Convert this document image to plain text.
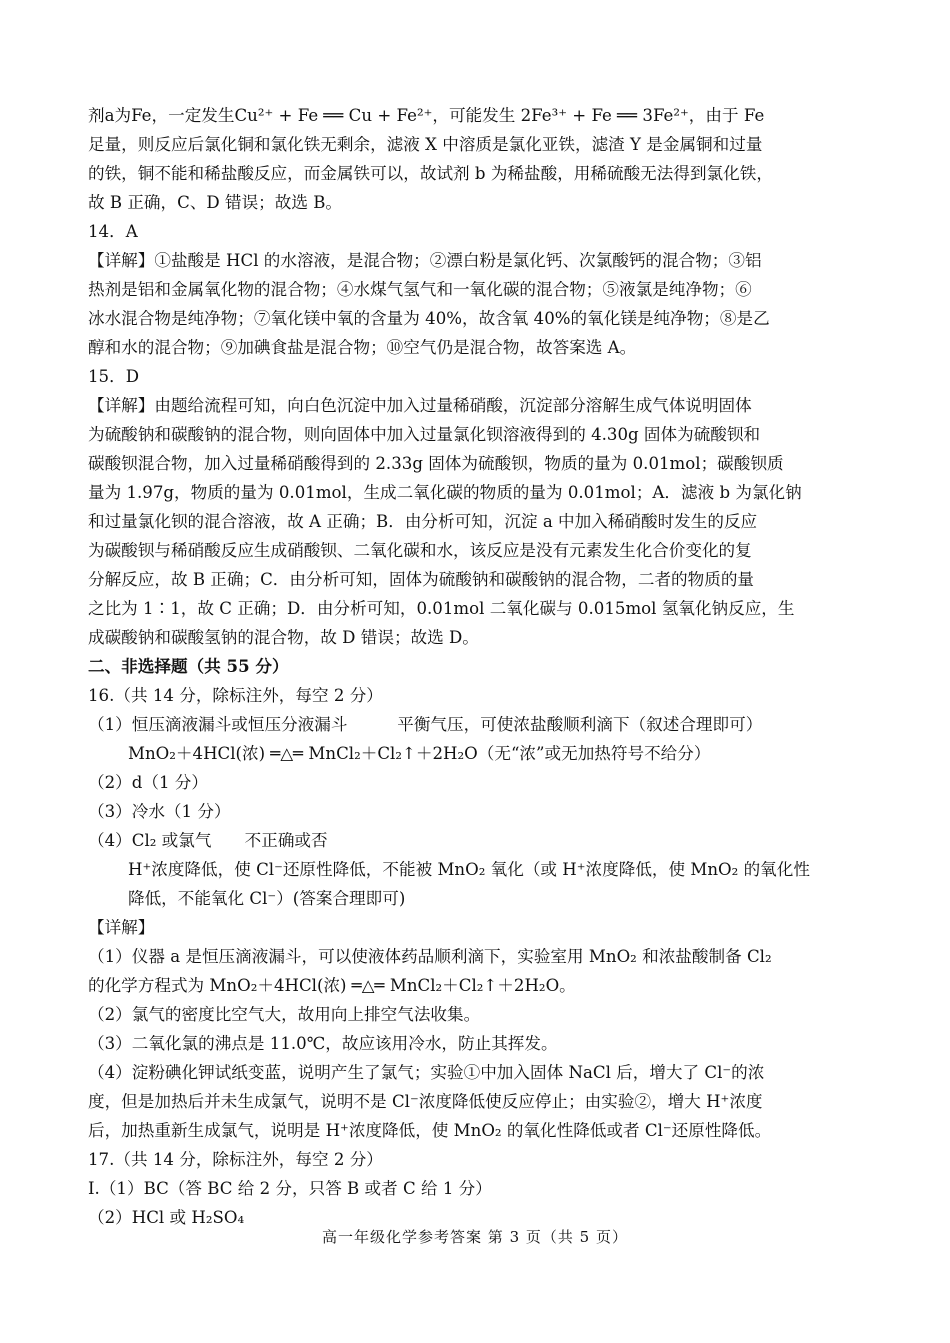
剂a为Fe，一定发生Cu²⁺ + Fe ══ Cu + Fe²⁺，可能发生 2Fe³⁺ + Fe ══ 3Fe²⁺，由于 Fe

足量，则反应后氯化铜和氯化铁无剩余，滤液 X 中溶质是氯化亚铁，滤渣 Y 是金属铜和过量

的铁，铜不能和稀盐酸反应，而金属铁可以，故试剂 b 为稀盐酸，用稀硫酸无法得到氯化铁，

故 B 正确，C、D 错误；故选 B。

14．A

【详解】①盐酸是 HCl 的水溶液，是混合物；②漂白粉是氯化钙、次氯酸钙的混合物；③铝

热剂是铝和金属氧化物的混合物；④水煤气氢气和一氧化碳的混合物；⑤液氯是纯净物；⑥

冰水混合物是纯净物；⑦氧化镁中氧的含量为 40%，故含氧 40%的氧化镁是纯净物；⑧是乙

醇和水的混合物；⑨加碘食盐是混合物；⑩空气仍是混合物，故答案选 A。

15．D

【详解】由题给流程可知，向白色沉淀中加入过量稀硝酸，沉淀部分溶解生成气体说明固体

为硫酸钠和碳酸钠的混合物，则向固体中加入过量氯化钡溶液得到的 4.30g 固体为硫酸钡和

碳酸钡混合物，加入过量稀硝酸得到的 2.33g 固体为硫酸钡，物质的量为 0.01mol；碳酸钡质

量为 1.97g，物质的量为 0.01mol，生成二氧化碳的物质的量为 0.01mol；A．滤液 b 为氯化钠

和过量氯化钡的混合溶液，故 A 正确；B．由分析可知，沉淀 a 中加入稀硝酸时发生的反应

为碳酸钡与稀硝酸反应生成硝酸钡、二氧化碳和水，该反应是没有元素发生化合价变化的复

分解反应，故 B 正确；C．由分析可知，固体为硫酸钠和碳酸钠的混合物，二者的物质的量

之比为 1∶1，故 C 正确；D．由分析可知，0.01mol 二氧化碳与 0.015mol 氢氧化钠反应，生

成碳酸钠和碳酸氢钠的混合物，故 D 错误；故选 D。

二、非选择题（共 55 分）

16.（共 14 分，除标注外，每空 2 分）

（1）恒压滴液漏斗或恒压分液漏斗　　　平衡气压，可使浓盐酸顺利滴下（叙述合理即可）

MnO₂＋4HCl(浓) ═△═ MnCl₂＋Cl₂↑＋2H₂O（无“浓”或无加热符号不给分）

（2）d（1 分）

（3）冷水（1 分）

（4）Cl₂ 或氯气　　不正确或否

H⁺浓度降低，使 Cl⁻还原性降低，不能被 MnO₂ 氧化（或 H⁺浓度降低，使 MnO₂ 的氧化性

降低，不能氧化 Cl⁻）(答案合理即可)

【详解】

（1）仪器 a 是恒压滴液漏斗，可以使液体药品顺利滴下，实验室用 MnO₂ 和浓盐酸制备 Cl₂

的化学方程式为 MnO₂＋4HCl(浓) ═△═ MnCl₂＋Cl₂↑＋2H₂O。

（2）氯气的密度比空气大，故用向上排空气法收集。

（3）二氧化氯的沸点是 11.0℃，故应该用冷水，防止其挥发。

（4）淀粉碘化钾试纸变蓝，说明产生了氯气；实验①中加入固体 NaCl 后，增大了 Cl⁻的浓

度，但是加热后并未生成氯气，说明不是 Cl⁻浓度降低使反应停止；由实验②，增大 H⁺浓度

后，加热重新生成氯气，说明是 H⁺浓度降低，使 MnO₂ 的氧化性降低或者 Cl⁻还原性降低。

17.（共 14 分，除标注外，每空 2 分）

I.（1）BC（答 BC 给 2 分，只答 B 或者 C 给 1 分）

（2）HCl 或 H₂SO₄

高一年级化学参考答案 第 3 页（共 5 页）
